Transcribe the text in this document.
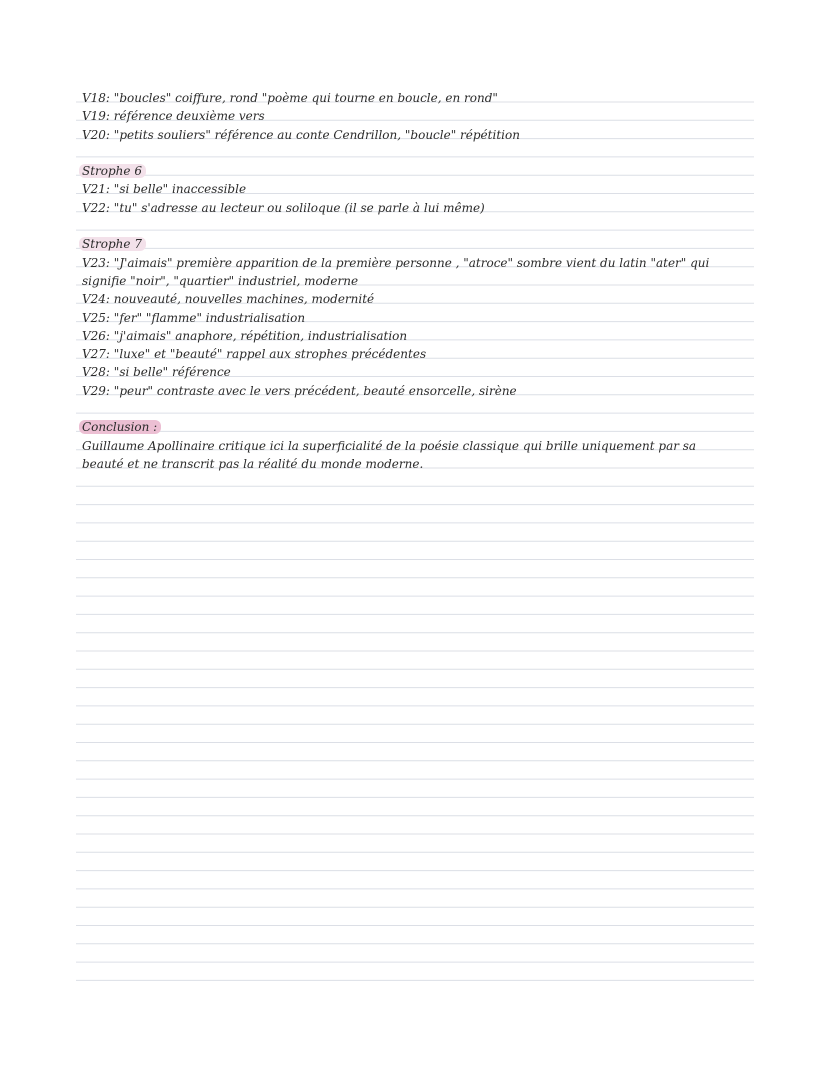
V18: "boucles" coiffure, rond "poème qui tourne en boucle, en rond"
V19: référence deuxième vers
V20: "petits souliers" référence au conte Cendrillon, "boucle" répétition
Strophe 6
V21: "si belle" inaccessible
V22: "tu" s'adresse au lecteur ou soliloque (il se parle à lui même)
Strophe 7
V23: "J'aimais" première apparition de la première personne , "atroce" sombre vient du latin "ater" qui
signifie "noir", "quartier" industriel, moderne
V24: nouveauté, nouvelles machines, modernité
V25: "fer" "flamme" industrialisation
V26: "j'aimais" anaphore, répétition, industrialisation
V27: "luxe" et "beauté" rappel aux strophes précédentes
V28: "si belle" référence
V29: "peur" contraste avec le vers précédent, beauté ensorcelle, sirène
Conclusion :
Guillaume Apollinaire critique ici la superficialité de la poésie classique qui brille uniquement par sa
beauté et ne transcrit pas la réalité du monde moderne.
